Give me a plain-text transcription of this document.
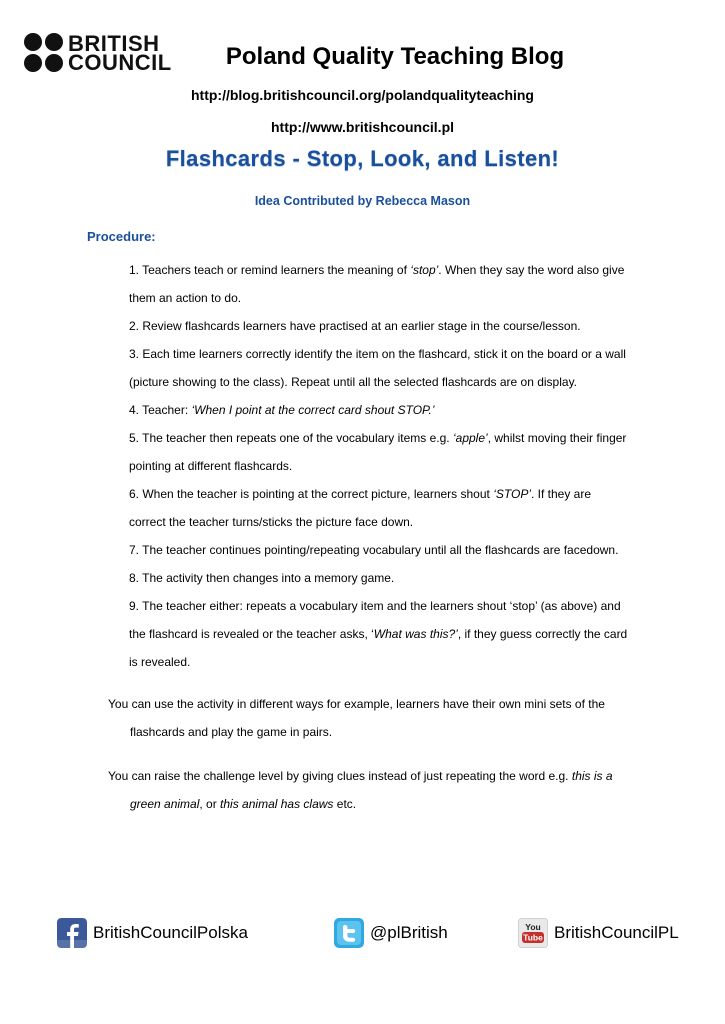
BRITISH
COUNCIL	Poland Quality Teaching Blog
http://blog.britishcouncil.org/polandqualityteaching
http://www.britishcouncil.pl
Flashcards - Stop, Look, and Listen!
Idea Contributed by Rebecca Mason
Procedure:
1. Teachers teach or remind learners the meaning of ‘stop’. When they say the word also give
them an action to do.
2. Review flashcards learners have practised at an earlier stage in the course/lesson.
3. Each time learners correctly identify the item on the flashcard, stick it on the board or a wall
(picture showing to the class). Repeat until all the selected flashcards are on display.
4. Teacher: ‘When I point at the correct card shout STOP.’
5. The teacher then repeats one of the vocabulary items e.g. ‘apple’, whilst moving their finger
pointing at different flashcards.
6. When the teacher is pointing at the correct picture, learners shout ‘STOP’. If they are
correct the teacher turns/sticks the picture face down.
7. The teacher continues pointing/repeating vocabulary until all the flashcards are facedown.
8. The activity then changes into a memory game.
9. The teacher either: repeats a vocabulary item and the learners shout ‘stop’ (as above) and
the flashcard is revealed or the teacher asks, ‘What was this?’, if they guess correctly the card
is revealed.

You can use the activity in different ways for example, learners have their own mini sets of the
flashcards and play the game in pairs.

You can raise the challenge level by giving clues instead of just repeating the word e.g. this is a
green animal, or this animal has claws etc.

BritishCouncilPolska	@plBritish	You
Tube BritishCouncilPL
